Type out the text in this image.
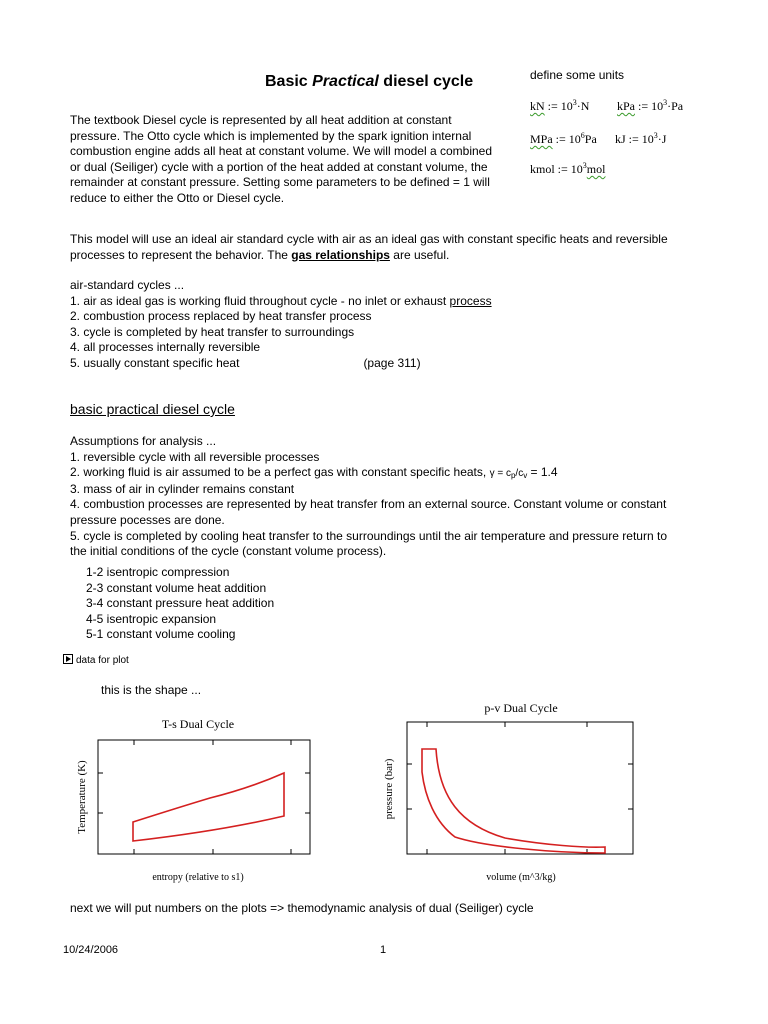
Basic Practical diesel cycle	define some units
kN := $10^3\cdot N$ kPa := $10^3\cdot Pa$
MPa := $10^6Pa$ kJ := $10^3\cdot J$
kmol := $10^3mol$
The textbook Diesel cycle is represented by all heat addition at constant
pressure. The Otto cycle which is implemented by the spark ignition internal
combustion engine adds all heat at constant volume. We will model a combined
or dual (Seiliger) cycle with a portion of the heat added at constant volume, the
remainder at constant pressure. Setting some parameters to be defined = 1 will
reduce to either the Otto or Diesel cycle.
This model will use an ideal air standard cycle with air as an ideal gas with constant specific heats and reversible
processes to represent the behavior. The gas relationships are useful.
air-standard cycles ...
1. air as ideal gas is working fluid throughout cycle - no inlet or exhaust process
2. combustion process replaced by heat transfer process
3. cycle is completed by heat transfer to surroundings
4. all processes internally reversible
5. usually constant specific heat	(page 311)
basic practical diesel cycle
Assumptions for analysis ...
1. reversible cycle with all reversible processes
2. working fluid is air assumed to be a perfect gas with constant specific heats, $\gamma = c_p/c_v = 1.4$
3. mass of air in cylinder remains constant
4. combustion processes are represented by heat transfer from an external source. Constant volume or constant
pressure pocesses are done.
5. cycle is completed by cooling heat transfer to the surroundings until the air temperature and pressure return to
the initial conditions of the cycle (constant volume process).
1-2 isentropic compression
2-3 constant volume heat addition
3-4 constant pressure heat addition
4-5 isentropic expansion
5-1 constant volume cooling
data for plot
this is the shape ...
T-s Dual Cycle
entropy (relative to s1)
Temperature (K)
p-v Dual Cycle
volume (m^3/kg)
pressure (bar)
next we will put numbers on the plots => themodynamic analysis of dual (Seiliger) cycle
10/24/2006	1
